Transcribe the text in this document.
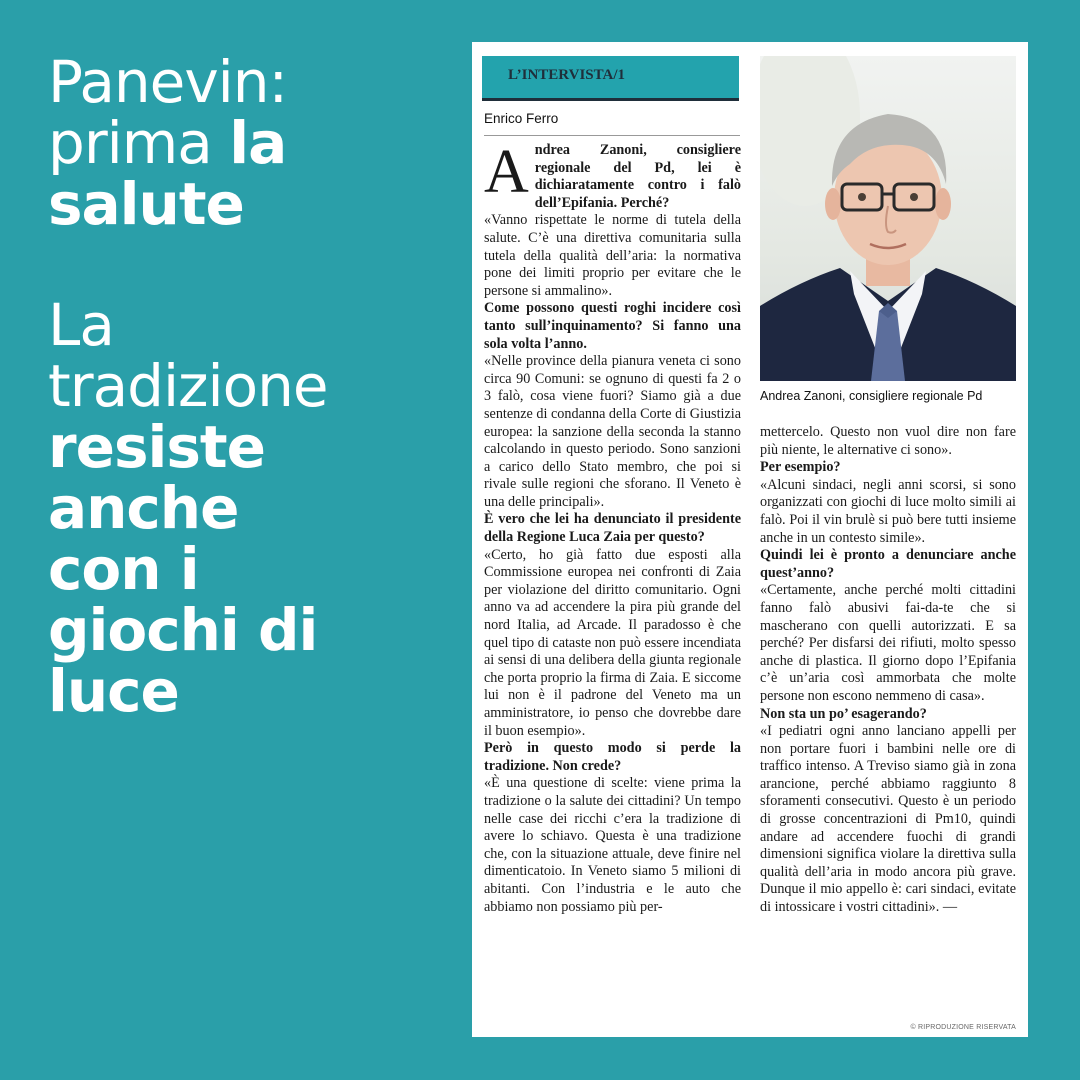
Panevin:
prima la
salute
La
tradizione
resiste
anche
con i
giochi di
luce
L’INTERVISTA/1
Enrico Ferro

Andrea Zanoni, consigliere regionale del Pd, lei è dichiaratamente contro i falò dell’Epifania. Perché?

«Vanno rispettate le norme di tutela della salute. C’è una direttiva comunitaria sulla tutela della qualità dell’aria: la normativa pone dei limiti proprio per evitare che le persone si ammalino».

Come possono questi roghi incidere così tanto sull’inquinamento? Si fanno una sola volta l’anno.

«Nelle province della pianura veneta ci sono circa 90 Comuni: se ognuno di questi fa 2 o 3 falò, cosa viene fuori? Siamo già a due sentenze di condanna della Corte di Giustizia europea: la sanzione della seconda la stanno calcolando in questo periodo. Sono sanzioni a carico dello Stato membro, che poi si rivale sulle regioni che sforano. Il Veneto è una delle principali».

È vero che lei ha denunciato il presidente della Regione Luca Zaia per questo?

«Certo, ho già fatto due esposti alla Commissione europea nei confronti di Zaia per violazione del diritto comunitario. Ogni anno va ad accendere la pira più grande del nord Italia, ad Arcade. Il paradosso è che quel tipo di cataste non può essere incendiata ai sensi di una delibera della giunta regionale che porta proprio la firma di Zaia. E siccome lui non è il padrone del Veneto ma un amministratore, io penso che dovrebbe dare il buon esempio».

Però in questo modo si perde la tradizione. Non crede?

«È una questione di scelte: viene prima la tradizione o la salute dei cittadini? Un tempo nelle case dei ricchi c’era la tradizione di avere lo schiavo. Questa è una tradizione che, con la situazione attuale, deve finire nel dimenticatoio. In Veneto siamo 5 milioni di abitanti. Con l’industria e le auto che abbiamo non possiamo più per-

Andrea Zanoni, consigliere regionale Pd

mettercelo. Questo non vuol dire non fare più niente, le alternative ci sono».

Per esempio?

«Alcuni sindaci, negli anni scorsi, si sono organizzati con giochi di luce molto simili ai falò. Poi il vin brulè si può bere tutti insieme anche in un contesto simile».

Quindi lei è pronto a denunciare anche quest’anno?

«Certamente, anche perché molti cittadini fanno falò abusivi fai-da-te che si mascherano con quelli autorizzati. E sa perché? Per disfarsi dei rifiuti, molto spesso anche di plastica. Il giorno dopo l’Epifania c’è un’aria così ammorbata che molte persone non escono nemmeno di casa».

Non sta un po’ esagerando?

«I pediatri ogni anno lanciano appelli per non portare fuori i bambini nelle ore di traffico intenso. A Treviso siamo già in zona arancione, perché abbiamo raggiunto 8 sforamenti consecutivi. Questo è un periodo di grosse concentrazioni di Pm10, quindi andare ad accendere fuochi di grandi dimensioni significa violare la direttiva sulla qualità dell’aria in modo ancora più grave. Dunque il mio appello è: cari sindaci, evitate di intossicare i vostri cittadini». —

© RIPRODUZIONE RISERVATA
